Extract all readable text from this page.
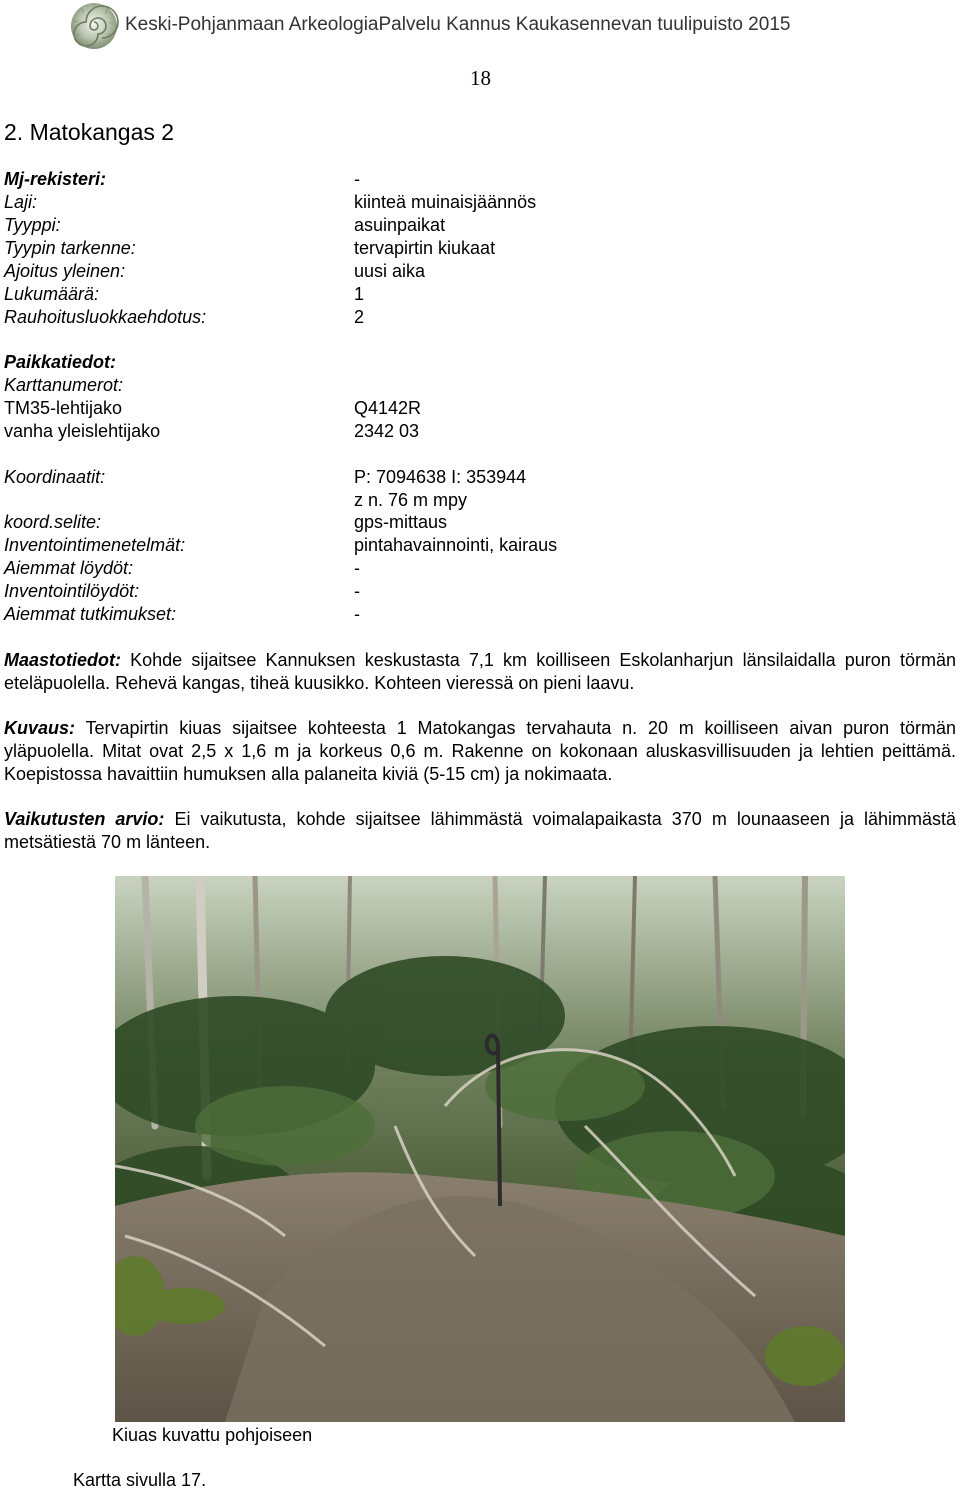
Keski-Pohjanmaan ArkeologiaPalvelu Kannus Kaukasennevan tuulipuisto 2015
18
2. Matokangas 2
Mj-rekisteri:	-
Laji:	kiinteä muinaisjäännös
Tyyppi:	asuinpaikat
Tyypin tarkenne:	tervapirtin kiukaat
Ajoitus yleinen:	uusi aika
Lukumäärä:	1
Rauhoitusluokkaehdotus:	2
Paikkatiedot:
Karttanumerot:
TM35-lehtijako	Q4142R
vanha yleislehtijako	2342 03
Koordinaatit:	P: 7094638 I: 353944
z n. 76 m mpy
koord.selite:	gps-mittaus
Inventointimenetelmät:	pintahavainnointi, kairaus
Aiemmat löydöt:	-
Inventointilöydöt:	-
Aiemmat tutkimukset:	-
Maastotiedot: Kohde sijaitsee Kannuksen keskustasta 7,1 km koilliseen Eskolanharjun länsilaidalla puron törmän eteläpuolella. Rehevä kangas, tiheä kuusikko. Kohteen vieressä on pieni laavu.
Kuvaus: Tervapirtin kiuas sijaitsee kohteesta 1 Matokangas tervahauta n. 20 m koilliseen aivan puron törmän yläpuolella. Mitat ovat 2,5 x 1,6 m ja korkeus 0,6 m. Rakenne on kokonaan aluskasvillisuuden ja lehtien peittämä. Koepistossa havaittiin humuksen alla palaneita kiviä (5-15 cm) ja nokimaata.
Vaikutusten arvio: Ei vaikutusta, kohde sijaitsee lähimmästä voimalapaikasta 370 m lounaaseen ja lähimmästä metsätiestä 70 m länteen.
Kiuas kuvattu pohjoiseen
Kartta sivulla 17.
